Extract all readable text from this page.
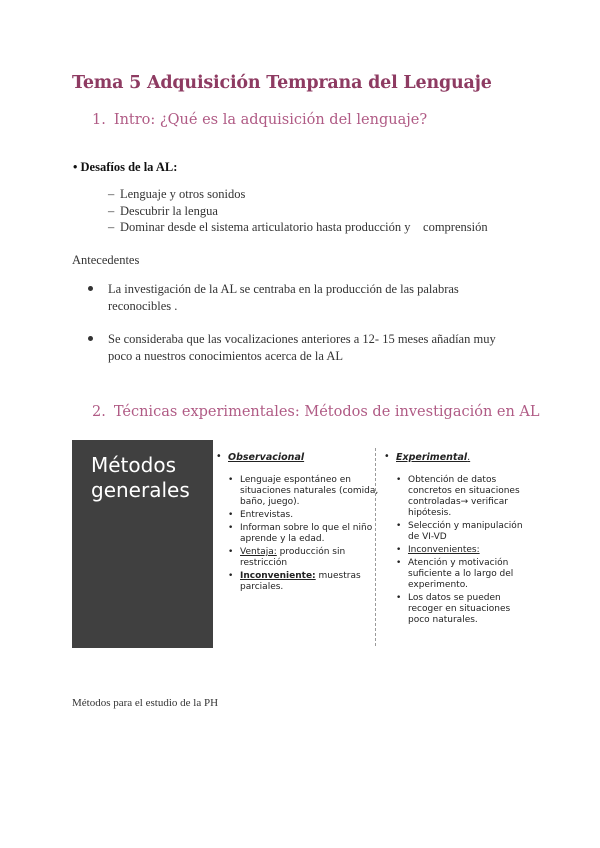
Tema 5 Adquisición Temprana del Lenguaje
1. Intro: ¿Qué es la adquisición del lenguaje?
• Desafíos de la AL:
– Lenguaje y otros sonidos
– Descubrir la lengua
– Dominar desde el sistema articulatorio hasta producción y    comprensión
Antecedentes
La investigación de la AL se centraba en la producción de las palabras reconocibles .
Se consideraba que las vocalizaciones anteriores a 12- 15 meses añadían muy poco a nuestros conocimientos acerca de la AL
2. Técnicas experimentales: Métodos de investigación en AL
Métodos generales
• Observacional
• Lenguaje espontáneo en situaciones naturales (comida, baño, juego).
• Entrevistas.
• Informan sobre lo que el niño aprende y la edad.
• Ventaja: producción sin restricción
• Inconveniente: muestras parciales.
• Experimental.
• Obtención de datos concretos en situaciones controladas→ verificar hipótesis.
• Selección y manipulación de VI-VD
• Inconvenientes:
• Atención y motivación suficiente a lo largo del experimento.
• Los datos se pueden recoger en situaciones poco naturales.
Métodos para el estudio de la PH
